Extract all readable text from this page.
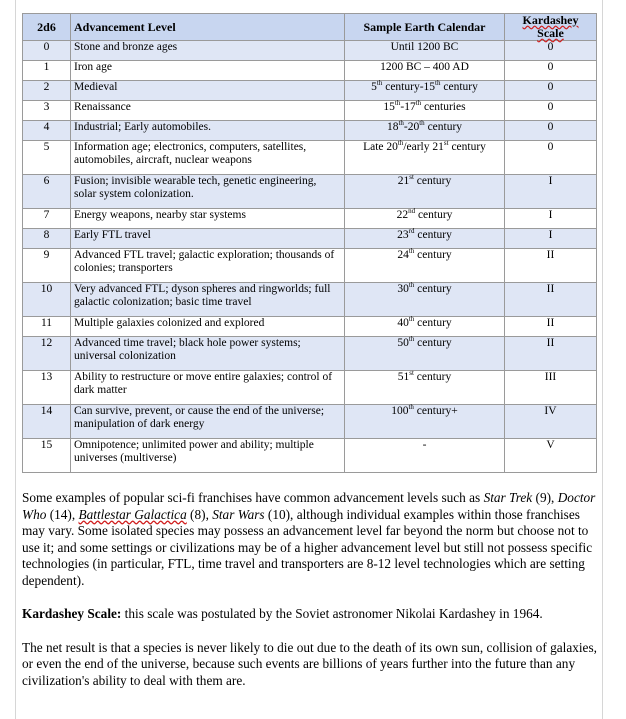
2d6	Advancement Level	Sample Earth Calendar	Kardashey Scale
0	Stone and bronze ages	Until 1200 BC	0
1	Iron age	1200 BC – 400 AD	0
2	Medieval	5th century-15th century	0
3	Renaissance	15th-17th centuries	0
4	Industrial; Early automobiles.	18th-20th century	0
5	Information age; electronics, computers, satellites, automobiles, aircraft, nuclear weapons	Late 20th/early 21st century	0
6	Fusion; invisible wearable tech, genetic engineering, solar system colonization.	21st century	I
7	Energy weapons, nearby star systems	22nd century	I
8	Early FTL travel	23rd century	I
9	Advanced FTL travel; galactic exploration; thousands of colonies; transporters	24th century	II
10	Very advanced FTL; dyson spheres and ringworlds; full galactic colonization; basic time travel	30th century	II
11	Multiple galaxies colonized and explored	40th century	II
12	Advanced time travel; black hole power systems; universal colonization	50th century	II
13	Ability to restructure or move entire galaxies; control of dark matter	51st century	III
14	Can survive, prevent, or cause the end of the universe; manipulation of dark energy	100th century+	IV
15	Omnipotence; unlimited power and ability; multiple universes (multiverse)	-	V

Some examples of popular sci-fi franchises have common advancement levels such as Star Trek (9), Doctor Who (14), Battlestar Galactica (8), Star Wars (10), although individual examples within those franchises may vary. Some isolated species may possess an advancement level far beyond the norm but choose not to use it; and some settings or civilizations may be of a higher advancement level but still not possess specific technologies (in particular, FTL, time travel and transporters are 8-12 level technologies which are setting dependent).

Kardashey Scale: this scale was postulated by the Soviet astronomer Nikolai Kardashey in 1964.

The net result is that a species is never likely to die out due to the death of its own sun, collision of galaxies, or even the end of the universe, because such events are billions of years further into the future than any civilization's ability to deal with them are.
